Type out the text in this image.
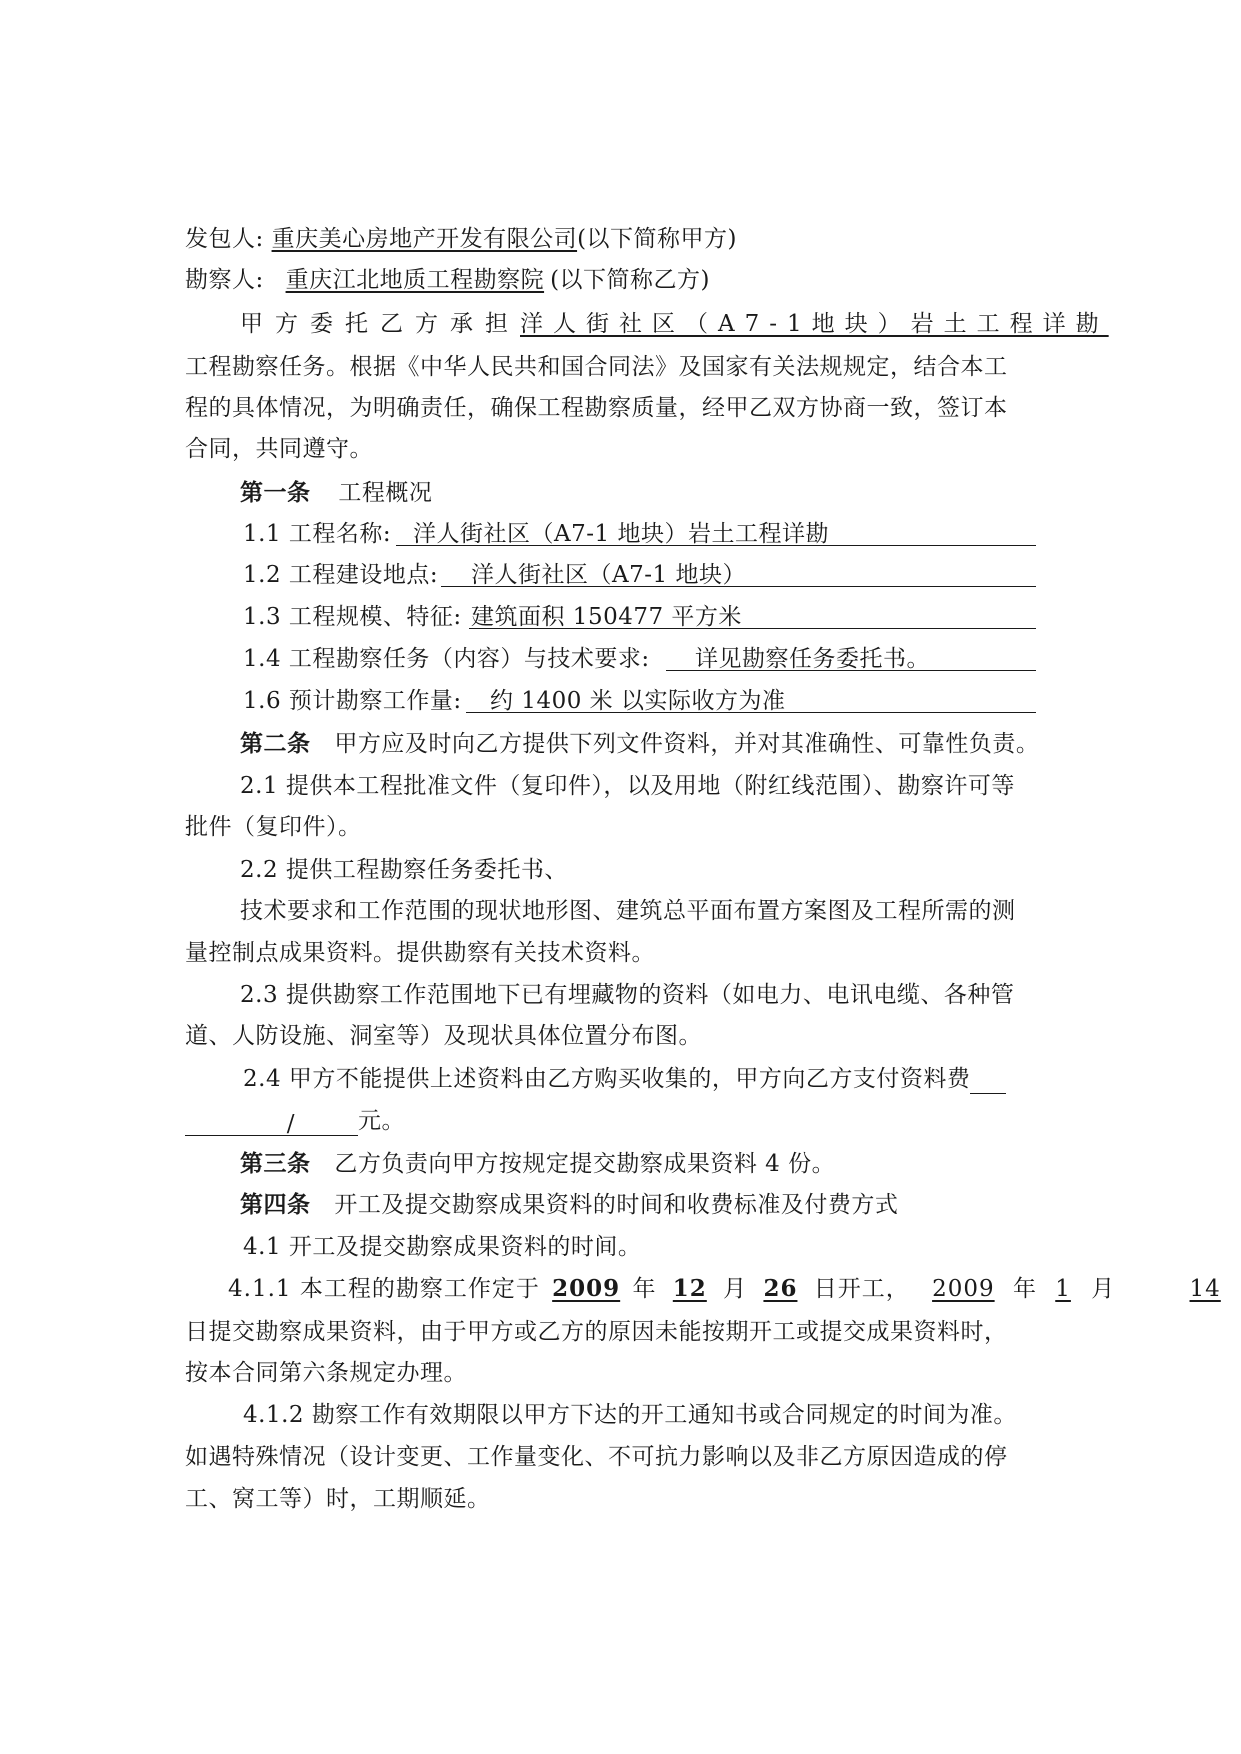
发包人: 重庆美心房地产开发有限公司(以下简称甲方)
勘察人: 重庆江北地质工程勘察院 (以下简称乙方)
甲方委托乙方承担洋人街社区（A7-1地块）岩土工程详勘
工程勘察任务。根据《中华人民共和国合同法》及国家有关法规规定，结合本工
程的具体情况，为明确责任，确保工程勘察质量，经甲乙双方协商一致，签订本
合同，共同遵守。
第一条 工程概况
1.1 工程名称: 洋人街社区（A7-1 地块）岩土工程详勘
1.2 工程建设地点: 洋人街社区（A7-1 地块）
1.3 工程规模、特征: 建筑面积 150477 平方米
1.4 工程勘察任务（内容）与技术要求: 详见勘察任务委托书。
1.6 预计勘察工作量: 约 1400 米 以实际收方为准
第二条 甲方应及时向乙方提供下列文件资料，并对其准确性、可靠性负责。
2.1 提供本工程批准文件（复印件），以及用地（附红线范围）、勘察许可等
批件（复印件）。
2.2 提供工程勘察任务委托书、
技术要求和工作范围的现状地形图、建筑总平面布置方案图及工程所需的测
量控制点成果资料。提供勘察有关技术资料。
2.3 提供勘察工作范围地下已有埋藏物的资料（如电力、电讯电缆、各种管
道、人防设施、洞室等）及现状具体位置分布图。
2.4 甲方不能提供上述资料由乙方购买收集的，甲方向乙方支付资料费
/	元。
第三条 乙方负责向甲方按规定提交勘察成果资料 4 份。
第四条 开工及提交勘察成果资料的时间和收费标准及付费方式
4.1 开工及提交勘察成果资料的时间。
4.1.1 本工程的勘察工作定于 2009 年 12 月 26 日开工， 2009 年 1 月	14
日提交勘察成果资料，由于甲方或乙方的原因未能按期开工或提交成果资料时，
按本合同第六条规定办理。
4.1.2 勘察工作有效期限以甲方下达的开工通知书或合同规定的时间为准。
如遇特殊情况（设计变更、工作量变化、不可抗力影响以及非乙方原因造成的停
工、窝工等）时，工期顺延。
